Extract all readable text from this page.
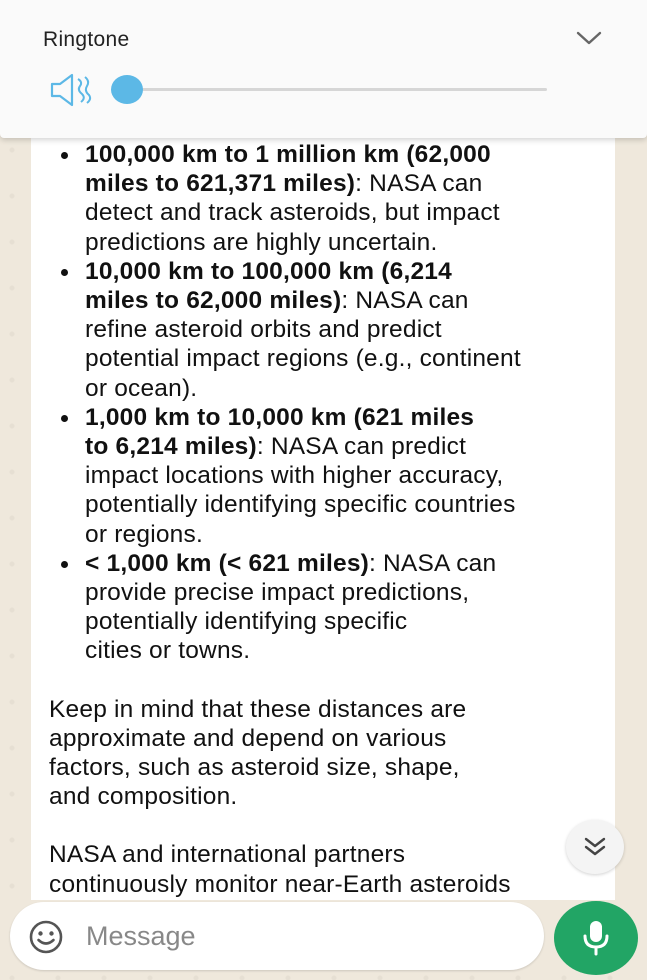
100,000 km to 1 million km (62,000
miles to 621,371 miles): NASA can
detect and track asteroids, but impact
predictions are highly uncertain.
10,000 km to 100,000 km (6,214
miles to 62,000 miles): NASA can
refine asteroid orbits and predict
potential impact regions (e.g., continent
or ocean).
1,000 km to 10,000 km (621 miles
to 6,214 miles): NASA can predict
impact locations with higher accuracy,
potentially identifying specific countries
or regions.
< 1,000 km (< 621 miles): NASA can
provide precise impact predictions,
potentially identifying specific
cities or towns.

Keep in mind that these distances are
approximate and depend on various
factors, such as asteroid size, shape,
and composition.

NASA and international partners
continuously monitor near-Earth asteroids

Ringtone
Message
